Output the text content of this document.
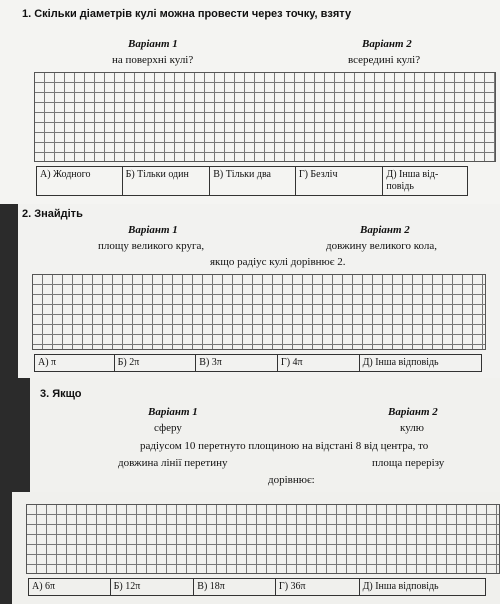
1. Скільки діаметрів кулі можна провести через точку, взяту
Варіант 1	Варіант 2
на поверхні кулі?	всередині кулі?
А) Жодного	Б) Тільки один	В) Тільки два	Г) Безліч	Д) Інша від-повідь
2. Знайдіть
Варіант 1	Варіант 2
площу великого круга,	довжину великого кола,
якщо радіус кулі дорівнює 2.
А) π	Б) 2π	В) 3π	Г) 4π	Д) Інша відповідь
3. Якщо
Варіант 1	Варіант 2
сферу	кулю
радіусом 10 перетнуто площиною на відстані 8 від центра, то
довжина лінії перетину	площа перерізу
дорівнює:
А) 6π	Б) 12π	В) 18π	Г) 36π	Д) Інша відповідь
